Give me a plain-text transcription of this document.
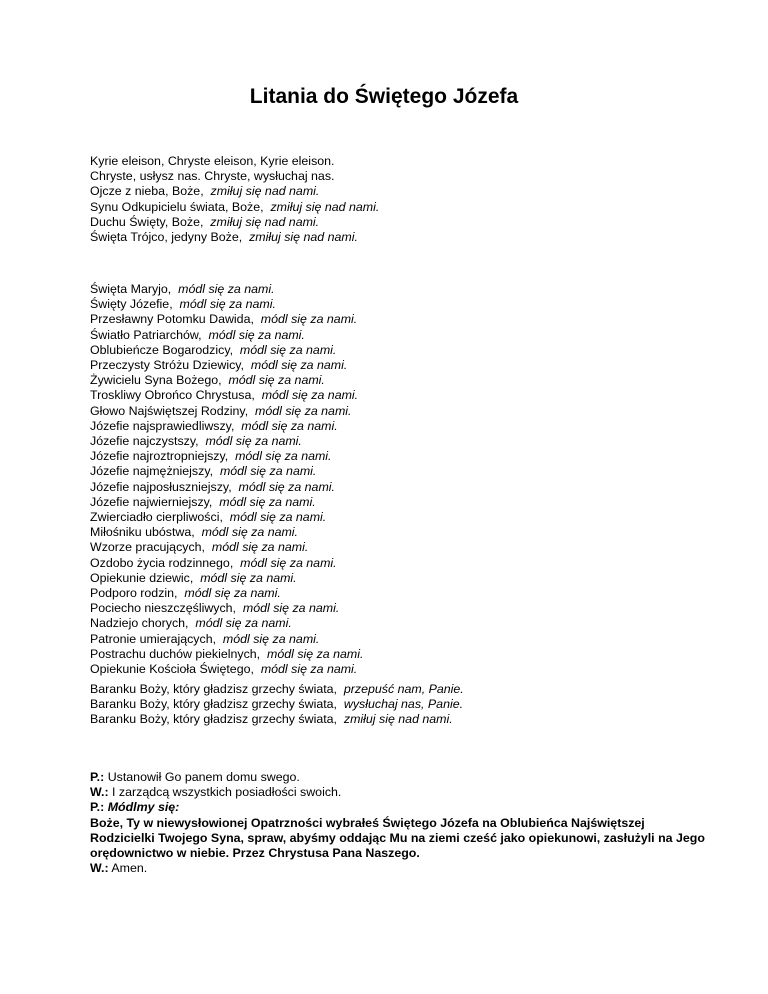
Litania do Świętego Józefa
Kyrie eleison, Chryste eleison, Kyrie eleison.
Chryste, usłysz nas. Chryste, wysłuchaj nas.
Ojcze z nieba, Boże, zmiłuj się nad nami.
Synu Odkupicielu świata, Boże, zmiłuj się nad nami.
Duchu Święty, Boże, zmiłuj się nad nami.
Święta Trójco, jedyny Boże, zmiłuj się nad nami.
Święta Maryjo, módl się za nami.
Święty Józefie, módl się za nami.
Przesławny Potomku Dawida, módl się za nami.
Światło Patriarchów, módl się za nami.
Oblubieńcze Bogarodzicy, módl się za nami.
Przeczysty Stróżu Dziewicy, módl się za nami.
Żywicielu Syna Bożego, módl się za nami.
Troskliwy Obrońco Chrystusa, módl się za nami.
Głowo Najświętszej Rodziny, módl się za nami.
Józefie najsprawiedliwszy, módl się za nami.
Józefie najczystszy, módl się za nami.
Józefie najroztropniejszy, módl się za nami.
Józefie najmężniejszy, módl się za nami.
Józefie najposłuszniejszy, módl się za nami.
Józefie najwierniejszy, módl się za nami.
Zwierciadło cierpliwości, módl się za nami.
Miłośniku ubóstwa, módl się za nami.
Wzorze pracujących, módl się za nami.
Ozdobo życia rodzinnego, módl się za nami.
Opiekunie dziewic, módl się za nami.
Podporo rodzin, módl się za nami.
Pociecho nieszczęśliwych, módl się za nami.
Nadziejo chorych, módl się za nami.
Patronie umierających, módl się za nami.
Postrachu duchów piekielnych, módl się za nami.
Opiekunie Kościoła Świętego, módl się za nami.
Baranku Boży, który gładzisz grzechy świata, przepuść nam, Panie.
Baranku Boży, który gładzisz grzechy świata, wysłuchaj nas, Panie.
Baranku Boży, który gładzisz grzechy świata, zmiłuj się nad nami.
P.: Ustanowił Go panem domu swego.
W.: I zarządcą wszystkich posiadłości swoich.
P.: Módlmy się:
Boże, Ty w niewysłowionej Opatrzności wybrałeś Świętego Józefa na Oblubieńca Najświętszej Rodzicielki Twojego Syna, spraw, abyśmy oddając Mu na ziemi cześć jako opiekunowi, zasłużyli na Jego orędownictwo w niebie. Przez Chrystusa Pana Naszego.
W.: Amen.
